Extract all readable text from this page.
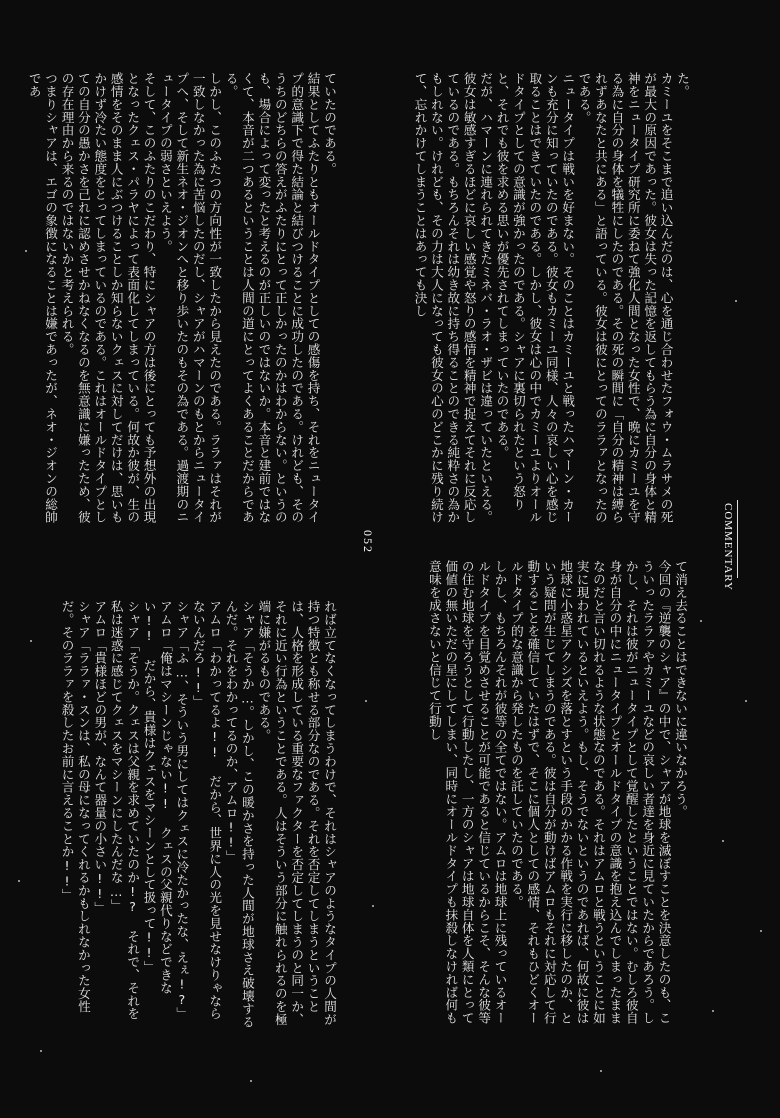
た。
カミーユをそこまで追い込んだのは、心を通じ合わせたフォウ・ムラサメの死が最大の原因であった。彼女は失った記憶を返してもらう為に自分の身体と精神をニュータイプ研究所に委ねて強化人間となった女性で、晩にカミーユを守る為に自分の身体を犠牲にしたのである。その死の瞬間に「自分の精神は縛られずあなたと共にある」と語っている。彼女は彼にとってのララァとなったのである。
ニュータイプは戦いを好まない。そのことはカミーユと戦ったハマーン・カーンも充分に知っていたのである。彼女もカミーユ同様、人々の哀しい心を感じ取ることはできていたのである。しかし、彼女は心の中でカミーユよりオールドタイプとしての意識が強かったのである。シャアに裏切られたという怒りと、それでも彼を求める思いが優先されてしまっていたのである。
だが、ハマーンに連れられてきたミネバ・ラオ・ザビは違っていたといえる。彼女は敏感すぎるほどに哀しい感覚や怒りの感情を精神で捉えてそれに反応しているのである。もちろんそれは幼き故に持ち得ることのできる純粋さの為かもしれない。けれども、その力は大人になっても彼女の心のどこかに残り続けて、忘れかけてしまうことはあっても決し
ていたのである。
結果としてふたりともオールドタイプとしての感傷を持ち、それをニュータイプ的意識下で得た結論と結びつけることに成功したのである。けれども、そのうちのどちらの答えがふたりにとって正しかったのかはわからない。というのも、場合によって変ったと考えるのが正しいのではないか。本音と建前ではなくて、本音が二つあるということは人間の道にとってよくあることだからである。
しかし、このふたつの方向性が一致したから見えたのである。ララァはそれが一致しなかった為に苦悩したのだし、シャアがハマーンのもとからニュータイプへ、そして新生ネオ・ジオンへと移り歩いたのもその為である。過渡期のニュータイプの弱さといえよう。
そして、このふたりのこだわり、特にシャアの方は後にとっても予想外の出現となったクェス・パラヤによって表面化してしまっている。何故か彼が、生の感情をそのまま人にぶつけることしか知らないクェスに対してだけは、思いもかけず冷たい態度をとってしまっているのである。これはオールドタイプとしての自分の愚かさを己れに認めさせかねなくなるのを無意識に嫌ったため、彼の存在理由から来るのではないかと考えられる。
つまりシャアは、エゴの象徴になることは嫌であったが、ネオ・ジオンの総帥であ
COMMENTARY
052
て消え去ることはできないに違いなかろう。
今回の『逆襲のシャア』の中で、シャアが地球を滅ぼすことを決意したのも、こういったララァやカミーユなどの哀しい者達を身近に見ていたからであろう。しかし、それは彼がニュータイプとして覚醒したということではない。むしろ彼自身が自分の中にニュータイプとオールドタイプの意識を抱え込んでしまったままなのだと言い切れるような状態なのである。それはアムロと戦うということに如実に現われているといえよう。もし、そうでないというのであれば、何故に彼は地球に小惑星アクシズを落とすという手段のかかる作戦を実行に移したのか、という疑問が生じてしまうのである。彼は自分が動けばアムロもそれに対応して行動することを確信していたはずで、そこに個人としての感情、それもひどくオールドタイプ的な意識から発したものを託していたのである。
しかし、もちろんそれが彼等の全てではない。アムロは地球上に残っているオールドタイプを目覚めさせることが可能であると信じているからこそ、そんな彼等の住む地球を守ろうとして行動したし、一方のシャアは地球自体を人類にとって価値の無いただの星にしてしまい、同時にオールドタイプも抹殺しなければ何も意味を成さないと信じて行動し
れば立てなくなってしまうわけで、それはシャアのようなタイプの人間が持つ特徴とも称せる部分なのである。それを否定してしまうということは、人格を形成している重要なファクターを否定してしまうのと同一か、それに近い行為ということである。人はそういう部分に触れられるのを極端に嫌がるものである。
シャア「そうか…。しかし、この暖かさを持った人間が地球さえ破壊するんだ。それをわかってるのか、アムロ!!」
アムロ「わかってるよ!! だから、世界に人の光を見せなけりゃならないんだろ!!」
シャア「ふ…、そういう男にしてはクェスに冷たかったな、えぇ!?」
アムロ「俺はマシーンじゃない!! クェスの父親代りなどできない!! だから、貴様はクェスをマシーンとして扱って!!」
シャア「そうか。クェスは父親を求めていたのか!? それで、それを私は迷惑に感じてクェスをマシーンにしたんだな…」
アムロ「貴様ほどの男が、なんて器量の小さい!!」
シャア「ララァ・スンは、私の母になってくれるかもしれなかった女性だ。そのララァを殺したお前に言えることか!!」
